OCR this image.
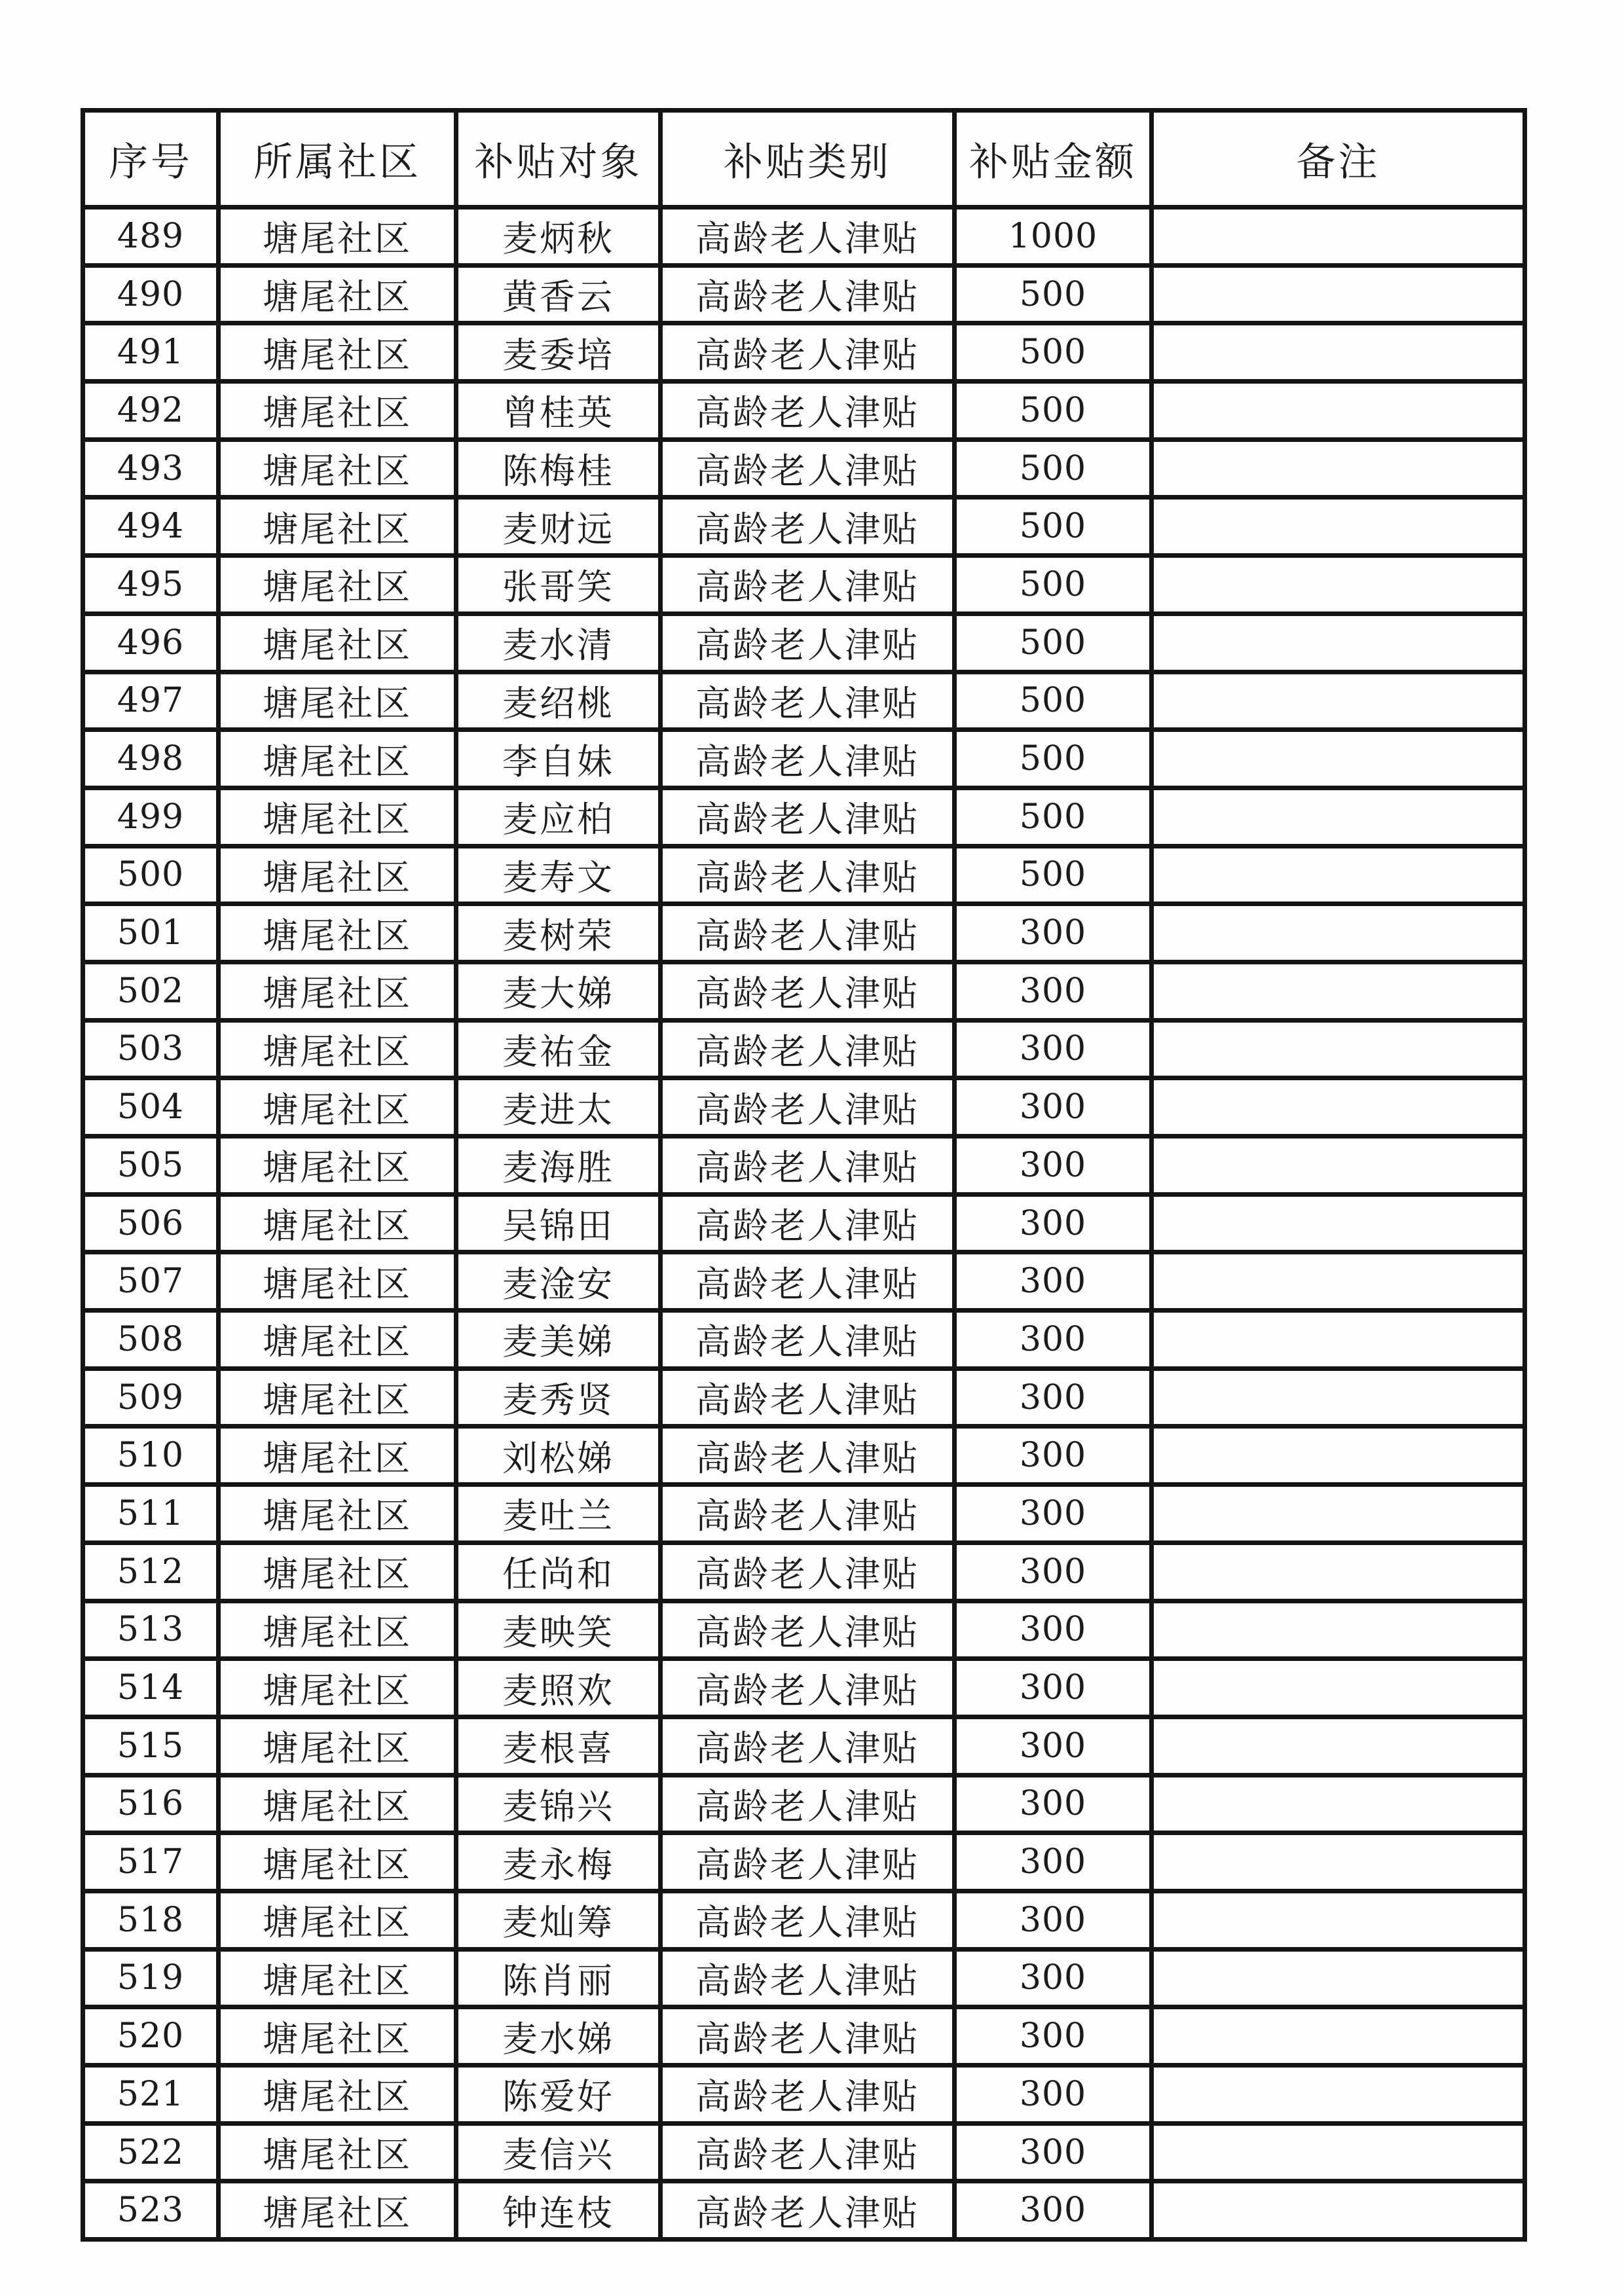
序号	所属社区	补贴对象	补贴类别	补贴金额	备注
489	塘尾社区	麦炳秋	高龄老人津贴	1000	
490	塘尾社区	黄香云	高龄老人津贴	500	
491	塘尾社区	麦委培	高龄老人津贴	500	
492	塘尾社区	曾桂英	高龄老人津贴	500	
493	塘尾社区	陈梅桂	高龄老人津贴	500	
494	塘尾社区	麦财远	高龄老人津贴	500	
495	塘尾社区	张哥笑	高龄老人津贴	500	
496	塘尾社区	麦水清	高龄老人津贴	500	
497	塘尾社区	麦绍桃	高龄老人津贴	500	
498	塘尾社区	李自妹	高龄老人津贴	500	
499	塘尾社区	麦应柏	高龄老人津贴	500	
500	塘尾社区	麦寿文	高龄老人津贴	500	
501	塘尾社区	麦树荣	高龄老人津贴	300	
502	塘尾社区	麦大娣	高龄老人津贴	300	
503	塘尾社区	麦祐金	高龄老人津贴	300	
504	塘尾社区	麦进太	高龄老人津贴	300	
505	塘尾社区	麦海胜	高龄老人津贴	300	
506	塘尾社区	吴锦田	高龄老人津贴	300	
507	塘尾社区	麦淦安	高龄老人津贴	300	
508	塘尾社区	麦美娣	高龄老人津贴	300	
509	塘尾社区	麦秀贤	高龄老人津贴	300	
510	塘尾社区	刘松娣	高龄老人津贴	300	
511	塘尾社区	麦吐兰	高龄老人津贴	300	
512	塘尾社区	任尚和	高龄老人津贴	300	
513	塘尾社区	麦映笑	高龄老人津贴	300	
514	塘尾社区	麦照欢	高龄老人津贴	300	
515	塘尾社区	麦根喜	高龄老人津贴	300	
516	塘尾社区	麦锦兴	高龄老人津贴	300	
517	塘尾社区	麦永梅	高龄老人津贴	300	
518	塘尾社区	麦灿筹	高龄老人津贴	300	
519	塘尾社区	陈肖丽	高龄老人津贴	300	
520	塘尾社区	麦水娣	高龄老人津贴	300	
521	塘尾社区	陈爱好	高龄老人津贴	300	
522	塘尾社区	麦信兴	高龄老人津贴	300	
523	塘尾社区	钟连枝	高龄老人津贴	300	
